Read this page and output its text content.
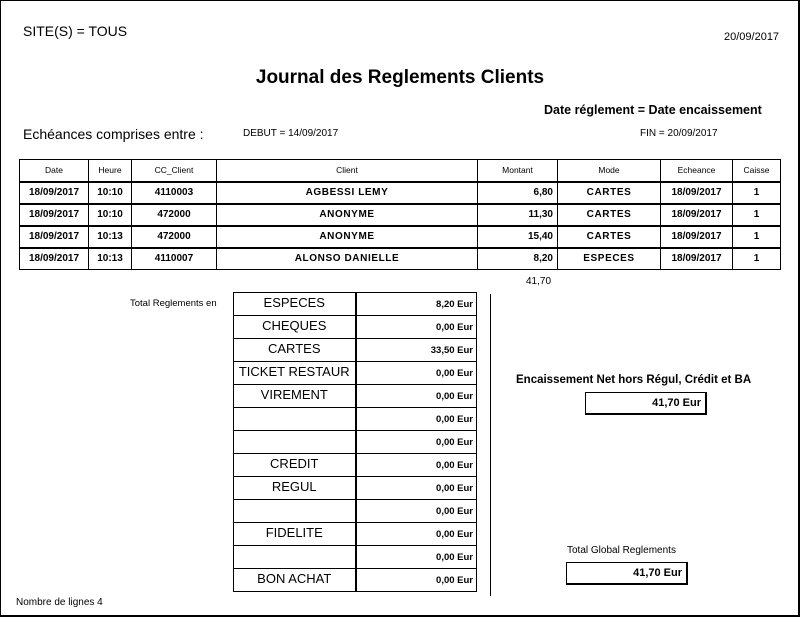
SITE(S) = TOUS	20/09/2017
Journal des Reglements Clients
Date réglement = Date encaissement
Echéances comprises entre :	DEBUT = 14/09/2017	FIN = 20/09/2017
Date	Heure	CC_Client	Client	Montant	Mode	Echeance	Caisse
18/09/2017	10:10	4110003	AGBESSI LEMY	6,80	CARTES	18/09/2017	1
18/09/2017	10:10	472000	ANONYME	11,30	CARTES	18/09/2017	1
18/09/2017	10:13	472000	ANONYME	15,40	CARTES	18/09/2017	1
18/09/2017	10:13	4110007	ALONSO DANIELLE	8,20	ESPECES	18/09/2017	1
41,70
Total Reglements en	ESPECES	8,20 Eur
CHEQUES	0,00 Eur
CARTES	33,50 Eur
TICKET RESTAUR	0,00 Eur
VIREMENT	0,00 Eur
	0,00 Eur
	0,00 Eur
CREDIT	0,00 Eur
REGUL	0,00 Eur
	0,00 Eur
FIDELITE	0,00 Eur
	0,00 Eur
BON ACHAT	0,00 Eur
Encaissement Net hors Régul, Crédit et BA
41,70 Eur
Total Global Reglements
41,70 Eur
Nombre de lignes 4
